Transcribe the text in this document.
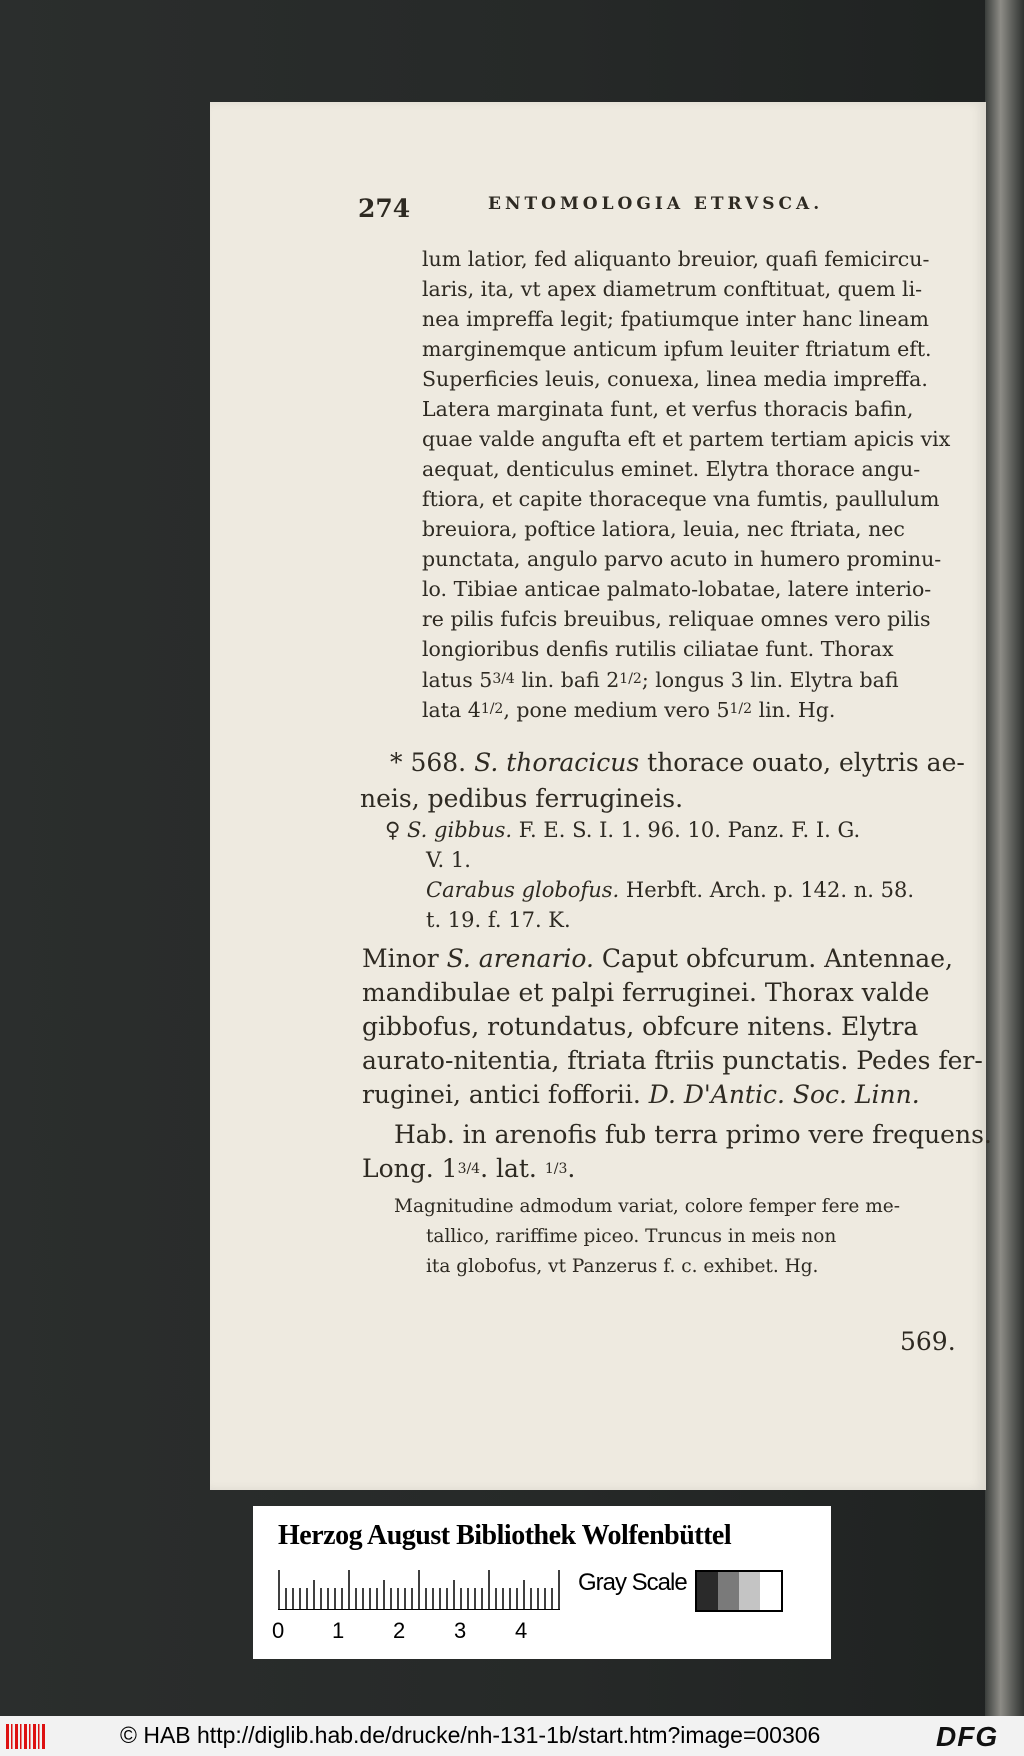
274	ENTOMOLOGIA ETRVSCA.
lum latior, fed aliquanto breuior, quafi femicircu-
laris, ita, vt apex diametrum conftituat, quem li-
nea impreffa legit; fpatiumque inter hanc lineam
marginemque anticum ipfum leuiter ftriatum eft.
Superficies leuis, conuexa, linea media impreffa.
Latera marginata funt, et verfus thoracis bafin,
quae valde angufta eft et partem tertiam apicis vix
aequat, denticulus eminet. Elytra thorace angu-
ftiora, et capite thoraceque vna fumtis, paullulum
breuiora, poftice latiora, leuia, nec ftriata, nec
punctata, angulo parvo acuto in humero prominu-
lo. Tibiae anticae palmato-lobatae, latere interio-
re pilis fufcis breuibus, reliquae omnes vero pilis
longioribus denfis rutilis ciliatae funt. Thorax
latus 53/4 lin. bafi 21/2; longus 3 lin. Elytra bafi
lata 41/2, pone medium vero 51/2 lin. Hg.
* 568. S. thoracicus thorace ouato, elytris ae-
neis, pedibus ferrugineis.
♀ S. gibbus. F. E. S. I. 1. 96. 10. Panz. F. I. G.
V. 1.
Carabus globofus. Herbft. Arch. p. 142. n. 58.
t. 19. f. 17. K.
Minor S. arenario. Caput obfcurum. Antennae,
mandibulae et palpi ferruginei. Thorax valde
gibbofus, rotundatus, obfcure nitens. Elytra
aurato-nitentia, ftriata ftriis punctatis. Pedes fer-
ruginei, antici fofforii. D. D'Antic. Soc. Linn.
Hab. in arenofis fub terra primo vere frequens.
Long. 13/4. lat. 1/3.
Magnitudine admodum variat, colore femper fere me-
tallico, rariffime piceo. Truncus in meis non
ita globofus, vt Panzerus f. c. exhibet. Hg.
569.
Herzog August Bibliothek Wolfenbüttel
0 1 2 3 4
Gray Scale
© HAB http://diglib.hab.de/drucke/nh-131-1b/start.htm?image=00306	DFG
